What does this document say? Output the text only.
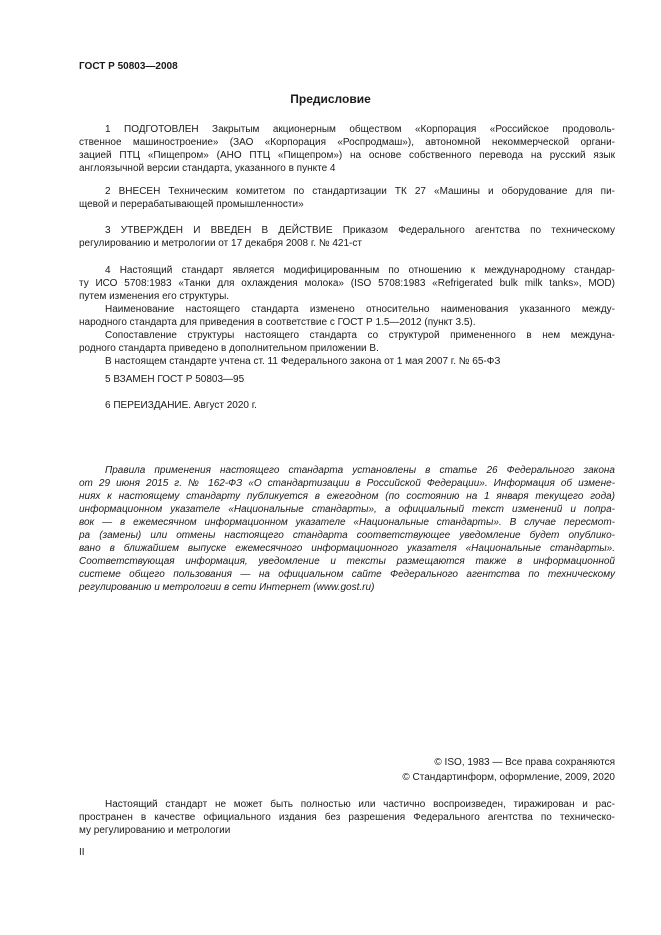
ГОСТ Р 50803—2008
Предисловие
1 ПОДГОТОВЛЕН Закрытым акционерным обществом «Корпорация «Российское продоволь-
ственное машиностроение» (ЗАО «Корпорация «Роспродмаш»), автономной некоммерческой органи-
зацией ПТЦ «Пищепром» (АНО ПТЦ «Пищепром») на основе собственного перевода на русский язык
англоязычной версии стандарта, указанного в пункте 4
2 ВНЕСЕН Техническим комитетом по стандартизации ТК 27 «Машины и оборудование для пи-
щевой и перерабатывающей промышленности»
3 УТВЕРЖДЕН И ВВЕДЕН В ДЕЙСТВИЕ Приказом Федерального агентства по техническому
регулированию и метрологии от 17 декабря 2008 г. № 421-ст
4 Настоящий стандарт является модифицированным по отношению к международному стандар-
ту ИСО 5708:1983 «Танки для охлаждения молока» (ISO 5708:1983 «Refrigerated bulk milk tanks», MOD)
путем изменения его структуры.
Наименование настоящего стандарта изменено относительно наименования указанного между-
народного стандарта для приведения в соответствие с ГОСТ Р 1.5—2012 (пункт 3.5).
Сопоставление структуры настоящего стандарта со структурой примененного в нем междуна-
родного стандарта приведено в дополнительном приложении В.
В настоящем стандарте учтена ст. 11 Федерального закона от 1 мая 2007 г. № 65-ФЗ
5 ВЗАМЕН ГОСТ Р 50803—95
6 ПЕРЕИЗДАНИЕ. Август 2020 г.
Правила применения настоящего стандарта установлены в статье 26 Федерального закона
от 29 июня 2015 г. № 162-ФЗ «О стандартизации в Российской Федерации». Информация об измене-
ниях к настоящему стандарту публикуется в ежегодном (по состоянию на 1 января текущего года)
информационном указателе «Национальные стандарты», а официальный текст изменений и попра-
вок — в ежемесячном информационном указателе «Национальные стандарты». В случае пересмот-
ра (замены) или отмены настоящего стандарта соответствующее уведомление будет опублико-
вано в ближайшем выпуске ежемесячного информационного указателя «Национальные стандарты».
Соответствующая информация, уведомление и тексты размещаются также в информационной
системе общего пользования — на официальном сайте Федерального агентства по техническому
регулированию и метрологии в сети Интернет (www.gost.ru)
© ISO, 1983 — Все права сохраняются
© Стандартинформ, оформление, 2009, 2020
Настоящий стандарт не может быть полностью или частично воспроизведен, тиражирован и рас-
пространен в качестве официального издания без разрешения Федерального агентства по техническо-
му регулированию и метрологии
II
